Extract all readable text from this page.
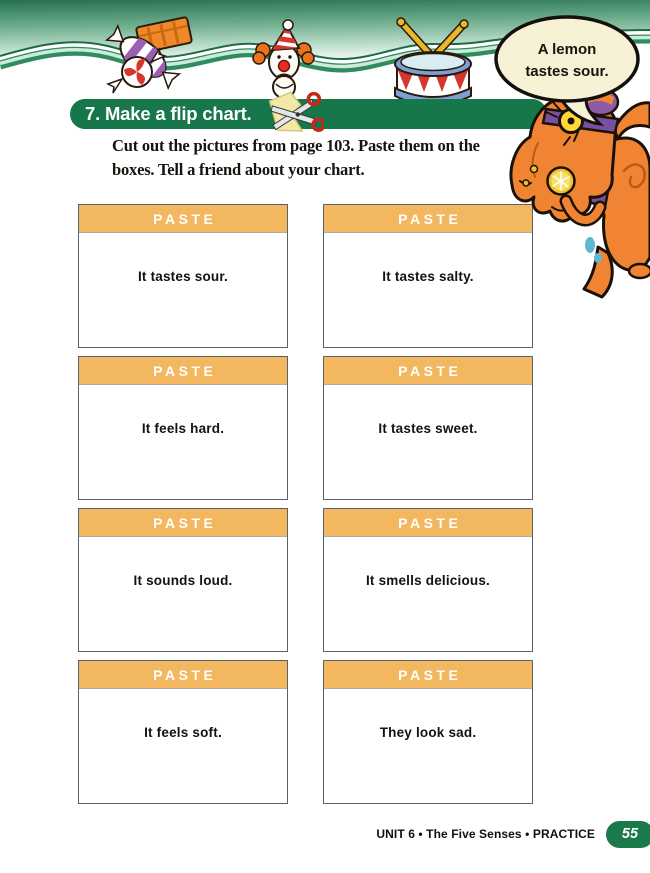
7. Make a flip chart.
A lemon
tastes sour.
Cut out the pictures from page 103. Paste them on the
boxes. Tell a friend about your chart.
PASTE
It tastes sour.
PASTE
It tastes salty.
PASTE
It feels hard.
PASTE
It tastes sweet.
PASTE
It sounds loud.
PASTE
It smells delicious.
PASTE
It feels soft.
PASTE
They look sad.
UNIT 6 • The Five Senses • PRACTICE	55
